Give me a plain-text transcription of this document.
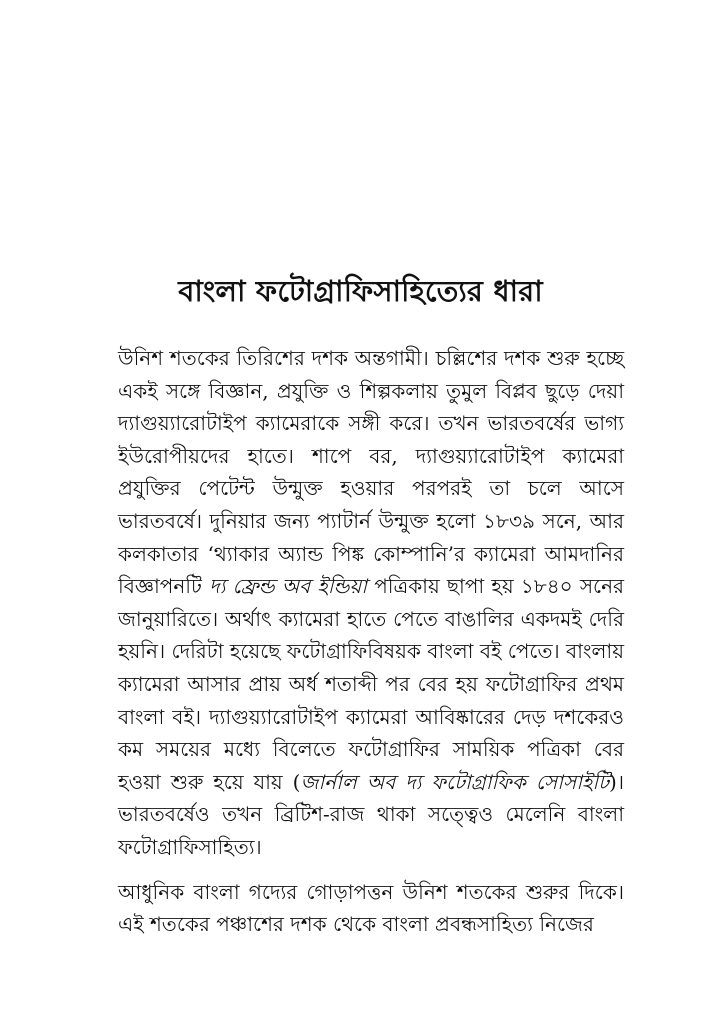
বাংলা ফটোগ্রাফিসাহিত্যের ধারা

উনিশ শতকের তিরিশের দশক অন্তগামী। চল্লিশের দশক শুরু হচ্ছে একই সঙ্গে বিজ্ঞান, প্রযুক্তি ও শিল্পকলায় তুমুল বিপ্লব ছুড়ে দেয়া দ্যাগুয়্যারোটাইপ ক্যামেরাকে সঙ্গী করে। তখন ভারতবর্ষের ভাগ্য ইউরোপীয়দের হাতে। শাপে বর, দ্যাগুয়্যারোটাইপ ক্যামেরা প্রযুক্তির পেটেন্ট উন্মুক্ত হওয়ার পরপরই তা চলে আসে ভারতবর্ষে। দুনিয়ার জন্য প্যাটার্ন উন্মুক্ত হলো ১৮৩৯ সনে, আর কলকাতার ‘থ্যাকার অ্যান্ড পিঙ্ক কোম্পানি’র ক্যামেরা আমদানির বিজ্ঞাপনটি দ্য ফ্রেন্ড অব ইন্ডিয়া পত্রিকায় ছাপা হয় ১৮৪০ সনের জানুয়ারিতে। অর্থাৎ ক্যামেরা হাতে পেতে বাঙালির একদমই দেরি হয়নি। দেরিটা হয়েছে ফটোগ্রাফিবিষয়ক বাংলা বই পেতে। বাংলায় ক্যামেরা আসার প্রায় অর্ধ শতাব্দী পর বের হয় ফটোগ্রাফির প্রথম বাংলা বই। দ্যাগুয়্যারোটাইপ ক্যামেরা আবিষ্কারের দেড় দশকেরও কম সময়ের মধ্যে বিলেতে ফটোগ্রাফির সাময়িক পত্রিকা বের হওয়া শুরু হয়ে যায় (জার্নাল অব দ্য ফটোগ্রাফিক সোসাইটি)। ভারতবর্ষেও তখন ব্রিটিশ-রাজ থাকা সত্ত্বেও মেলেনি বাংলা ফটোগ্রাফিসাহিত্য।

আধুনিক বাংলা গদ্যের গোড়াপত্তন উনিশ শতকের শুরুর দিকে। এই শতকের পঞ্চাশের দশক থেকে বাংলা প্রবন্ধসাহিত্য নিজের
